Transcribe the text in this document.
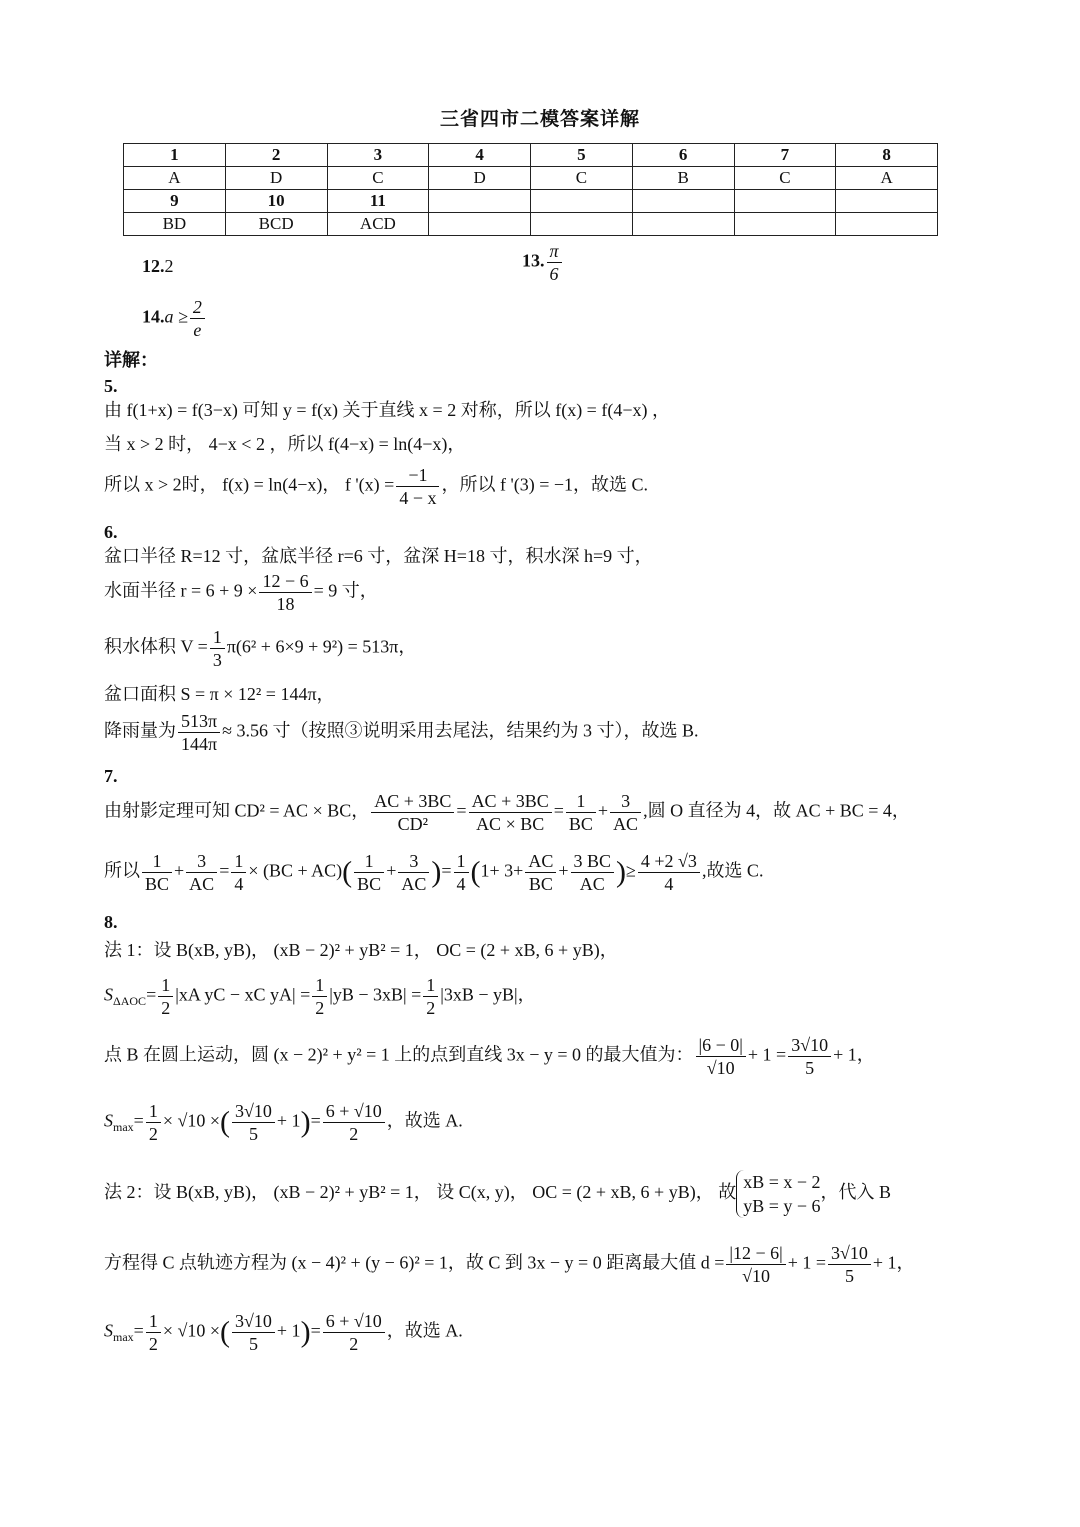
三省四市二模答案详解
1	2	3	4	5	6	7	8
A	D	C	D	C	B	C	A
9	10	11					
BD	BCD	ACD					
12.2	13. $\frac{\pi}{6}$
$14.a \ge \frac{2}{e}$
详解：
5.
由 f(1+x) = f(3−x) 可知 y = f(x) 关于直线 x = 2 对称，所以 f(x) = f(4−x) ，
当 x > 2 时， 4−x < 2 ，所以 f(4−x) = ln(4−x)，
所以 x > 2时， f(x) = ln(4−x)， f '$(x) = \frac{-1}{4 - x}$ ，所以 f '(3) = −1，故选 C.
6.
盆口半径 R=12 寸，盆底半径 r=6 寸，盆深 H=18 寸，积水深 h=9 寸，
水面半径 $r = 6 + 9 \times \frac{12 - 6}{18} = 9$ 寸，
积水体积 $V = \frac{1}{3} \pi(6^2 + 6\times 9 + 9^2) = 513\pi$，
盆口面积 S = π × 12² = 144π，
降雨量为 $\frac{513\pi}{144\pi} \approx 3.56$ 寸（按照③说明采用去尾法，结果约为 3 寸），故选 B.
7.
由射影定理可知 CD² = AC × BC， $\frac{AC + 3BC}{\text{CD²}} = \frac{AC + 3BC}{AC \times BC} = \frac{1}{BC} + \frac{3}{AC}$ ,圆 O 直径为 4，故 AC + BC = 4，
所以 $\frac{1}{BC} + \frac{3}{AC} = \frac{1}{4} \times (BC + AC)( \frac{1}{BC} + \frac{3}{AC}$ )= $\frac{1}{4} (1+ 3+ \frac{AC}{BC} + \frac{3 BC}{AC}$ )≥ $\frac{4 +2 √3}{4}$ ,故选 C.
8.
法 1：设 B(xB, yB)， (xB − 2)² + yB² = 1， OC = (2 + xB, 6 + yB)，
$S_{\Delta AOC}= \frac{1}{2} |xA$ yC − xC $yA| = \frac{1}{2} |yB - 3xB| = \frac{1}{2} |3xB - yB|$，
点 B 在圆上运动，圆 (x − 2)² + y² = 1 上的点到直线 3x − y = 0 的最大值为： $\frac{|6 - 0|}{√10} + 1 = \frac{3√10}{5} + 1$，
$S_{max}= \frac{1}{2} \times √10$ ×( $\frac{3√10}{5} + 1)= \frac{6 + √10}{2}$ ，故选 A.
法 2：设 B(xB, yB)， (xB − 2)² + yB² = 1， 设 C(x, y)， OC = (2 + xB, 6 + yB)， 故
xB = x − 2
yB = y − 6
，代入 B
方程得 C 点轨迹方程为 (x − 4)² + (y − 6)² = 1，故 C 到 3x − y = 0 距离最大值 $d = \frac{|12 - 6|}{√10} + 1 = \frac{3√10}{5} + 1$，
$S_{max}= \frac{1}{2} \times √10$ ×( $\frac{3√10}{5} + 1)= \frac{6 + √10}{2}$ ，故选 A.
